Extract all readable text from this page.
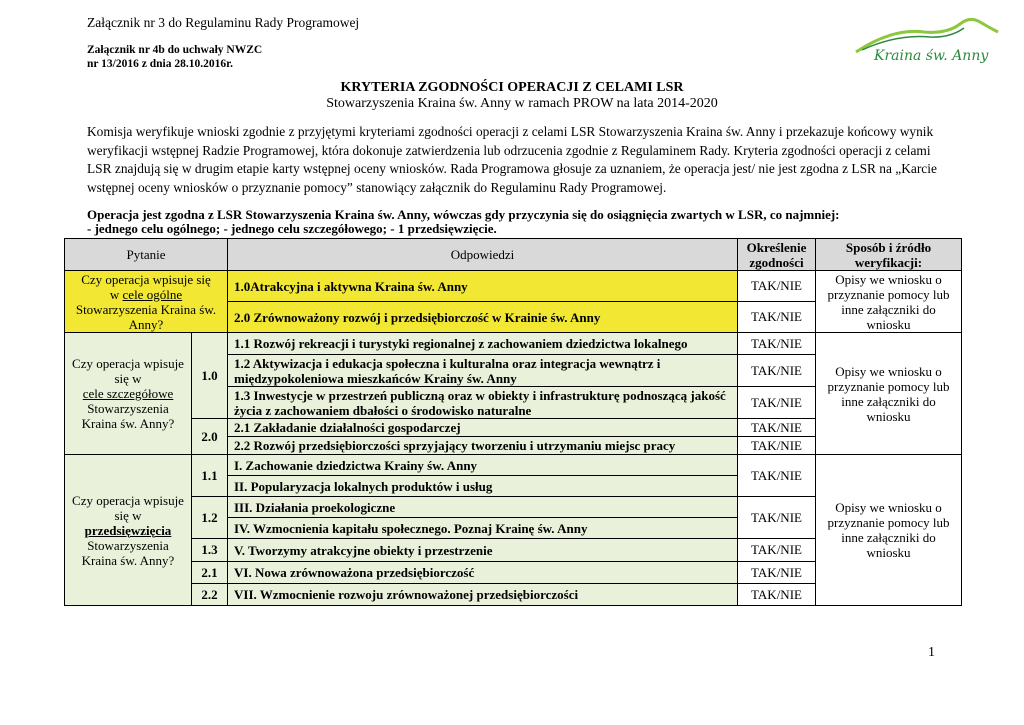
Załącznik nr 3 do Regulaminu Rady Programowej
Załącznik nr 4b do uchwały NWZC
nr 13/2016 z dnia 28.10.2016r.	Kraina św. Anny
KRYTERIA ZGODNOŚCI OPERACJI Z CELAMI LSR
Stowarzyszenia Kraina św. Anny w ramach PROW na lata 2014-2020
Komisja weryfikuje wnioski zgodnie z przyjętymi kryteriami zgodności operacji z celami LSR Stowarzyszenia Kraina św. Anny i przekazuje końcowy wynik weryfikacji wstępnej Radzie Programowej, która dokonuje zatwierdzenia lub odrzucenia zgodnie z Regulaminem Rady. Kryteria zgodności operacji z celami LSR znajdują się w drugim etapie karty wstępnej oceny wniosków. Rada Programowa głosuje za uznaniem, że operacja jest/ nie jest zgodna z LSR na „Karcie wstępnej oceny wniosków o przyznanie pomocy” stanowiący załącznik do Regulaminu Rady Programowej.
Operacja jest zgodna z LSR Stowarzyszenia Kraina św. Anny, wówczas gdy przyczynia się do osiągnięcia zwartych w LSR, co najmniej:
- jednego celu ogólnego; - jednego celu szczegółowego; - 1 przedsięwzięcie.
Pytanie		Odpowiedzi	Określenie zgodności	Sposób i źródło weryfikacji:
Czy operacja wpisuje się
w cele ogólne
Stowarzyszenia Kraina św. Anny?		1.0Atrakcyjna i aktywna Kraina św. Anny	TAK/NIE	Opisy we wniosku o przyznanie pomocy lub inne załączniki do wniosku
		2.0 Zrównoważony rozwój i przedsiębiorczość w Krainie św. Anny	TAK/NIE	
Czy operacja wpisuje się w
cele szczegółowe
Stowarzyszenia Kraina św. Anny?	1.0	1.1 Rozwój rekreacji i turystyki regionalnej z zachowaniem dziedzictwa lokalnego	TAK/NIE	Opisy we wniosku o przyznanie pomocy lub inne załączniki do wniosku
		1.2 Aktywizacja i edukacja społeczna i kulturalna oraz integracja wewnątrz i międzypokoleniowa mieszkańców Krainy św. Anny	TAK/NIE	
		1.3 Inwestycje w przestrzeń publiczną oraz w obiekty i infrastrukturę podnoszącą jakość życia z zachowaniem dbałości o środowisko naturalne	TAK/NIE	
	2.0	2.1 Zakładanie działalności gospodarczej	TAK/NIE	
		2.2 Rozwój przedsiębiorczości sprzyjający tworzeniu i utrzymaniu miejsc pracy	TAK/NIE	
Czy operacja wpisuje się w
przedsięwzięcia
Stowarzyszenia Kraina św. Anny?	1.1	I. Zachowanie dziedzictwa Krainy św. Anny	TAK/NIE	Opisy we wniosku o przyznanie pomocy lub inne załączniki do wniosku
		II. Popularyzacja lokalnych produktów i usług		
	1.2	III. Działania proekologiczne	TAK/NIE	
		IV. Wzmocnienia kapitału społecznego. Poznaj Krainę św. Anny		
	1.3	V. Tworzymy atrakcyjne obiekty i przestrzenie	TAK/NIE	
	2.1	VI. Nowa zrównoważona przedsiębiorczość	TAK/NIE	
	2.2	VII. Wzmocnienie rozwoju zrównoważonej przedsiębiorczości	TAK/NIE	
1
